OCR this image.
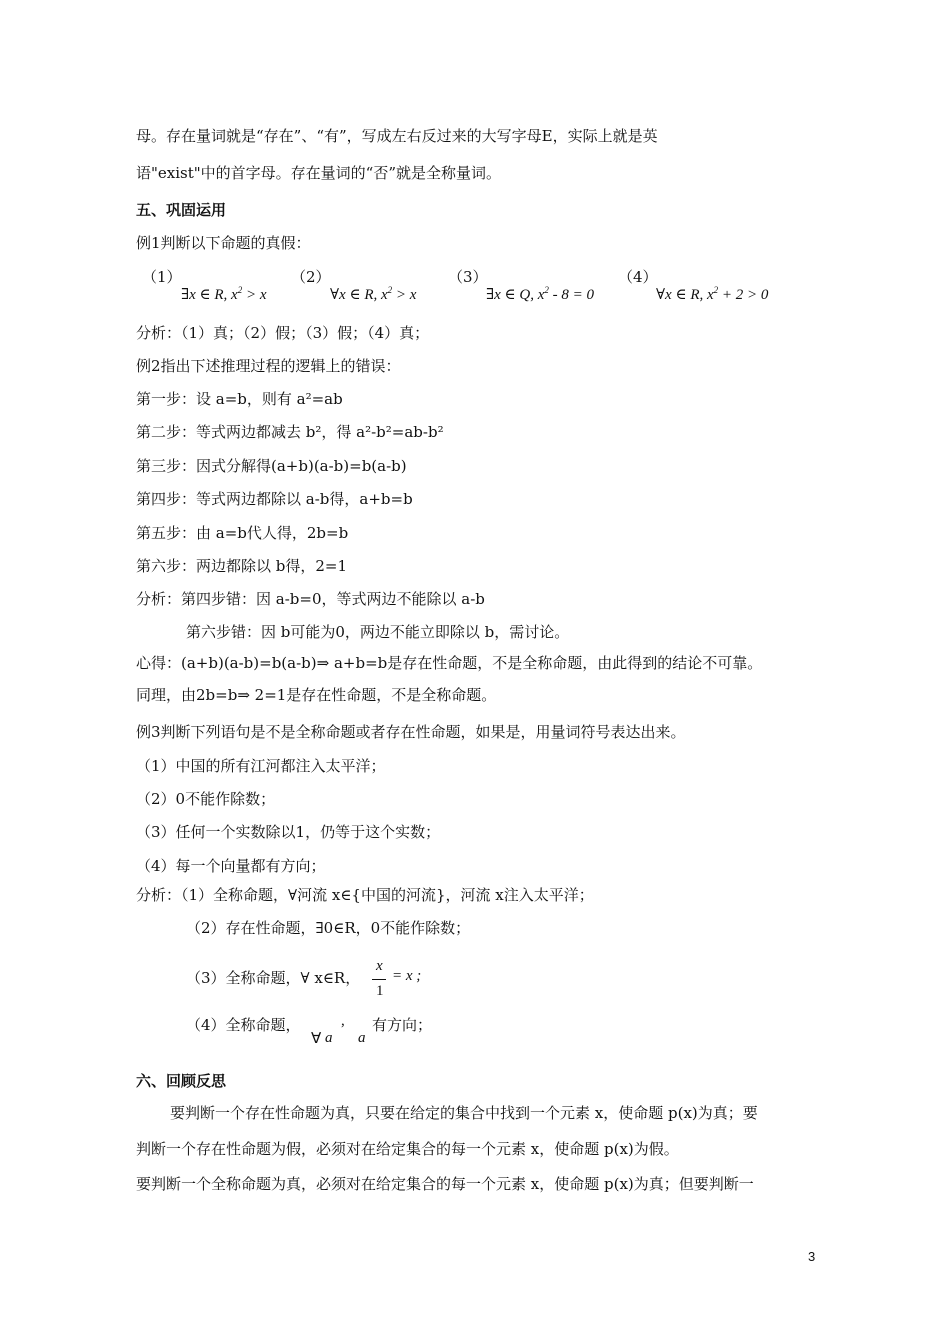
母。存在量词就是“存在”、“有”，写成左右反过来的大写字母E，实际上就是英
语"exist"中的首字母。存在量词的“否”就是全称量词。
五、巩固运用
例1判断以下命题的真假：
（1）
∃x ∈ R, $x^2 > x$
（2）
∀x ∈ R, $x^2 > x$
（3）
∃x ∈ Q, $x^2 - 8 = 0$
（4）
∀x ∈ R, $x^2 + 2 > 0$
分析：（1）真；（2）假；（3）假；（4）真；
例2指出下述推理过程的逻辑上的错误：
第一步：设 a=b，则有 a²=ab
第二步：等式两边都减去 b²，得 a²-b²=ab-b²
第三步：因式分解得(a+b)(a-b)=b(a-b)
第四步：等式两边都除以 a-b得，a+b=b
第五步：由 a=b代人得，2b=b
第六步：两边都除以 b得，2=1
分析：第四步错：因 a-b=0，等式两边不能除以 a-b
第六步错：因 b可能为0，两边不能立即除以 b，需讨论。
心得：(a+b)(a-b)=b(a-b)⇒ a+b=b是存在性命题，不是全称命题，由此得到的结论不可靠。
同理，由2b=b⇒ 2=1是存在性命题，不是全称命题。
例3判断下列语句是不是全称命题或者存在性命题，如果是，用量词符号表达出来。
（1）中国的所有江河都注入太平洋；
（2）0不能作除数；
（3）任何一个实数除以1，仍等于这个实数；
（4）每一个向量都有方向；
分析：（1）全称命题，∀河流 x∈{中国的河流}，河流 x注入太平洋；
（2）存在性命题，∃0∈R，0不能作除数；
（3）全称命题，∀ x∈R，
x
1
= x ;
（4）全称命题，
∀ a
,
a
有方向；
六、回顾反思
要判断一个存在性命题为真，只要在给定的集合中找到一个元素 x，使命题 p(x)为真；要
判断一个存在性命题为假，必须对在给定集合的每一个元素 x，使命题 p(x)为假。
要判断一个全称命题为真，必须对在给定集合的每一个元素 x，使命题 p(x)为真；但要判断一
3
